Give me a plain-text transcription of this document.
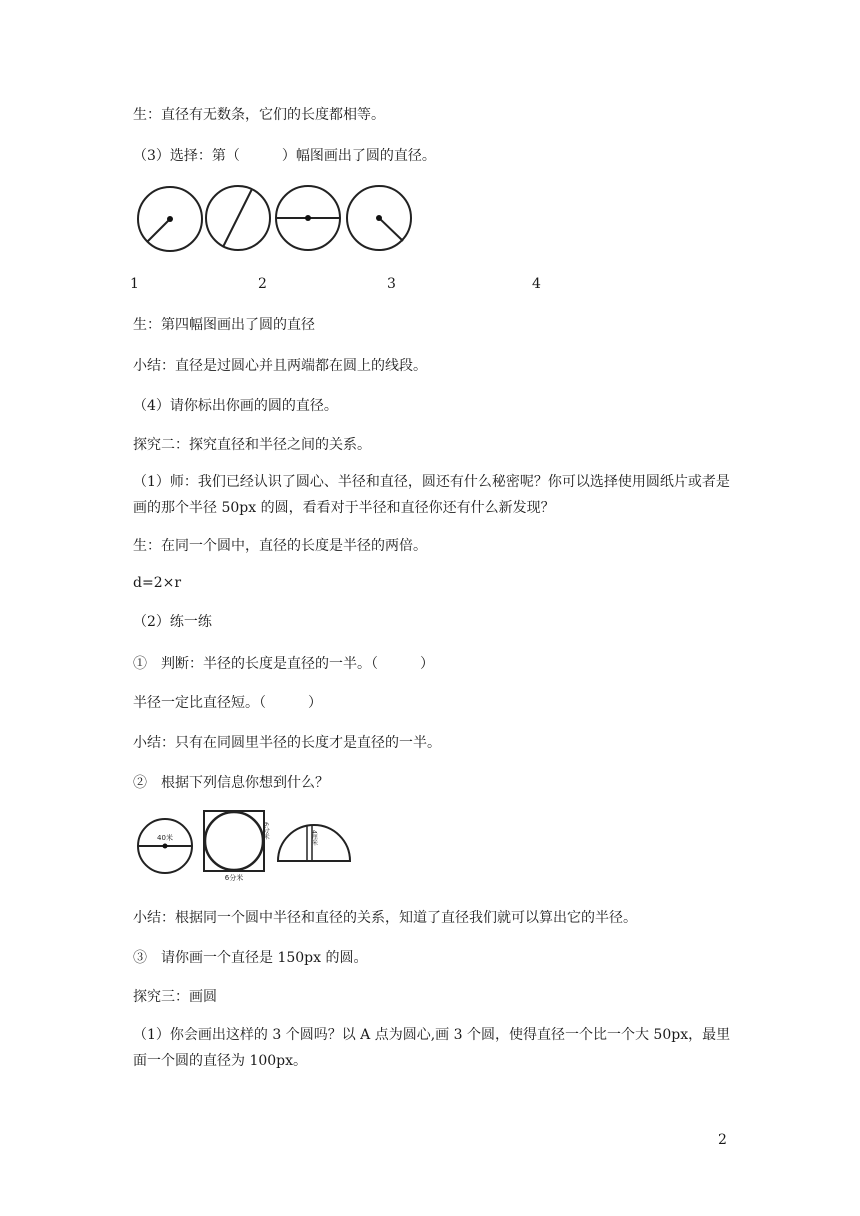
生：直径有无数条，它们的长度都相等。

（3）选择：第（　　　）幅图画出了圆的直径。

1	2	3	4

生：第四幅图画出了圆的直径

小结：直径是过圆心并且两端都在圆上的线段。

（4）请你标出你画的圆的直径。

探究二：探究直径和半径之间的关系。

（1）师：我们已经认识了圆心、半径和直径，圆还有什么秘密呢？你可以选择使用圆纸片或者是画的那个半径 50px 的圆，看看对于半径和直径你还有什么新发现？

生：在同一个圆中，直径的长度是半径的两倍。

d=2×r

（2）练一练

①　判断：半径的长度是直径的一半。（　　　）

半径一定比直径短。（　　　）

小结：只有在同圆里半径的长度才是直径的一半。

②　根据下列信息你想到什么？

40米
6分米
6分米	4厘米

小结：根据同一个圆中半径和直径的关系，知道了直径我们就可以算出它的半径。

③　请你画一个直径是 150px 的圆。

探究三：画圆

（1）你会画出这样的 3 个圆吗？以 A 点为圆心,画 3 个圆，使得直径一个比一个大 50px，最里面一个圆的直径为 100px。

2
